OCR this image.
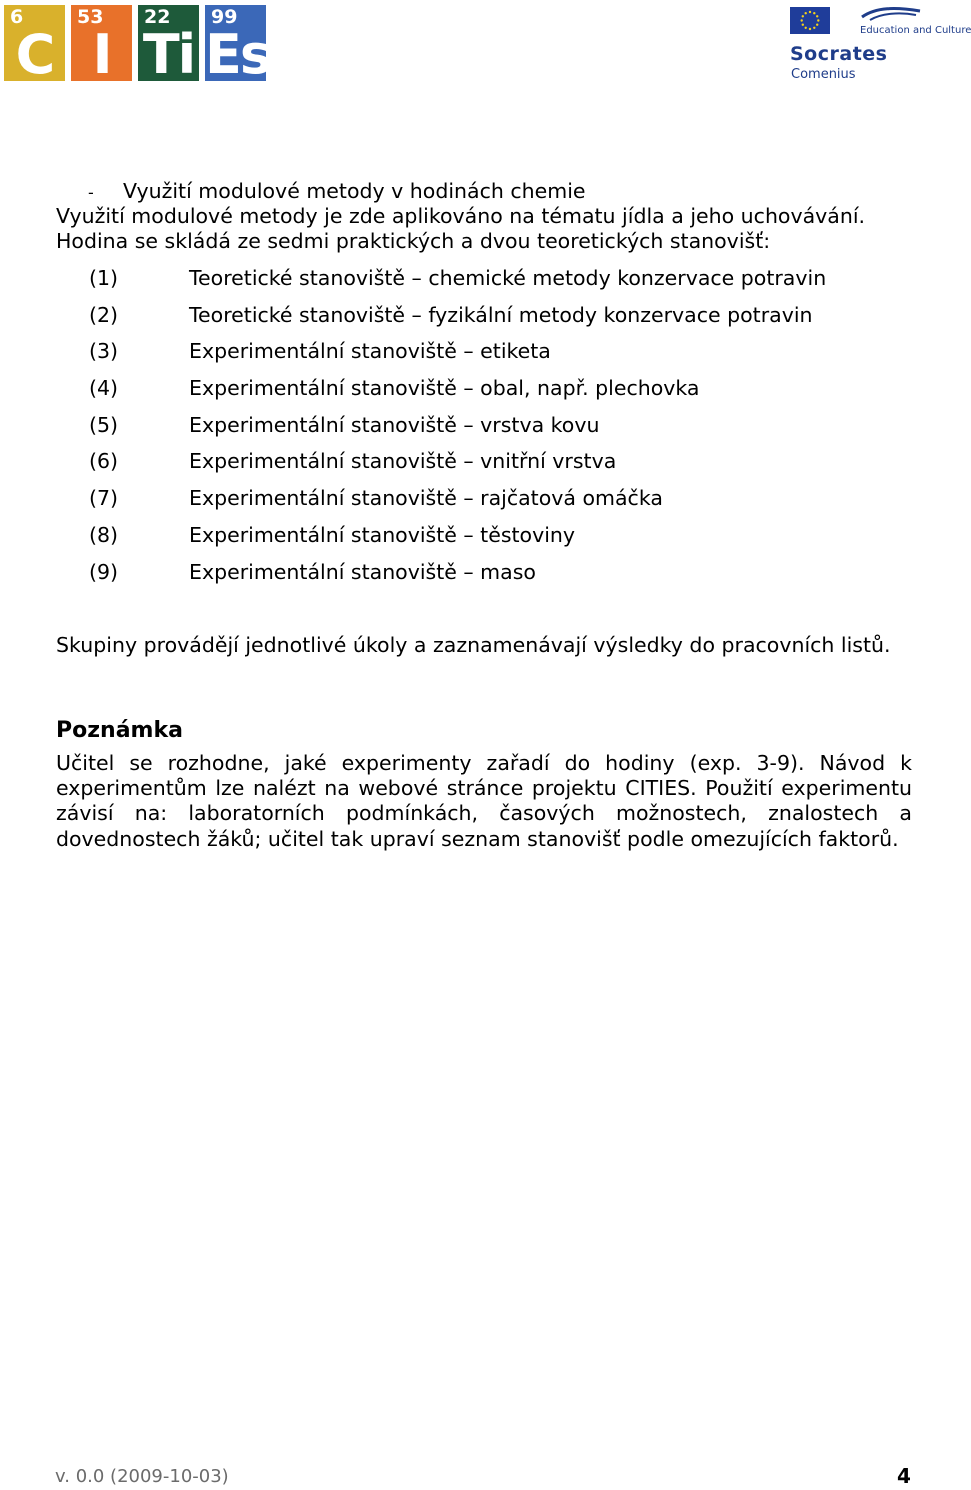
6
C
53
I
22
Ti
99
Es	Education and Culture
Socrates
Comenius
- Využití modulové metody v hodinách chemie
Využití modulové metody je zde aplikováno na tématu jídla a jeho uchovávání.
Hodina se skládá ze sedmi praktických a dvou teoretických stanovišť:
(1)	Teoretické stanoviště – chemické metody konzervace potravin
(2)	Teoretické stanoviště – fyzikální metody konzervace potravin
(3)	Experimentální stanoviště – etiketa
(4)	Experimentální stanoviště – obal, např. plechovka
(5)	Experimentální stanoviště – vrstva kovu
(6)	Experimentální stanoviště – vnitřní vrstva
(7)	Experimentální stanoviště – rajčatová omáčka
(8)	Experimentální stanoviště – těstoviny
(9)	Experimentální stanoviště – maso
Skupiny provádějí jednotlivé úkoly a zaznamenávají výsledky do pracovních listů.
Poznámka
Učitel se rozhodne, jaké experimenty zařadí do hodiny (exp. 3-9). Návod k experimentům lze nalézt na webové stránce projektu CITIES. Použití experimentu závisí na: laboratorních podmínkách, časových možnostech, znalostech a dovednostech žáků; učitel tak upraví seznam stanovišť podle omezujících faktorů.
v. 0.0 (2009-10-03)	4
